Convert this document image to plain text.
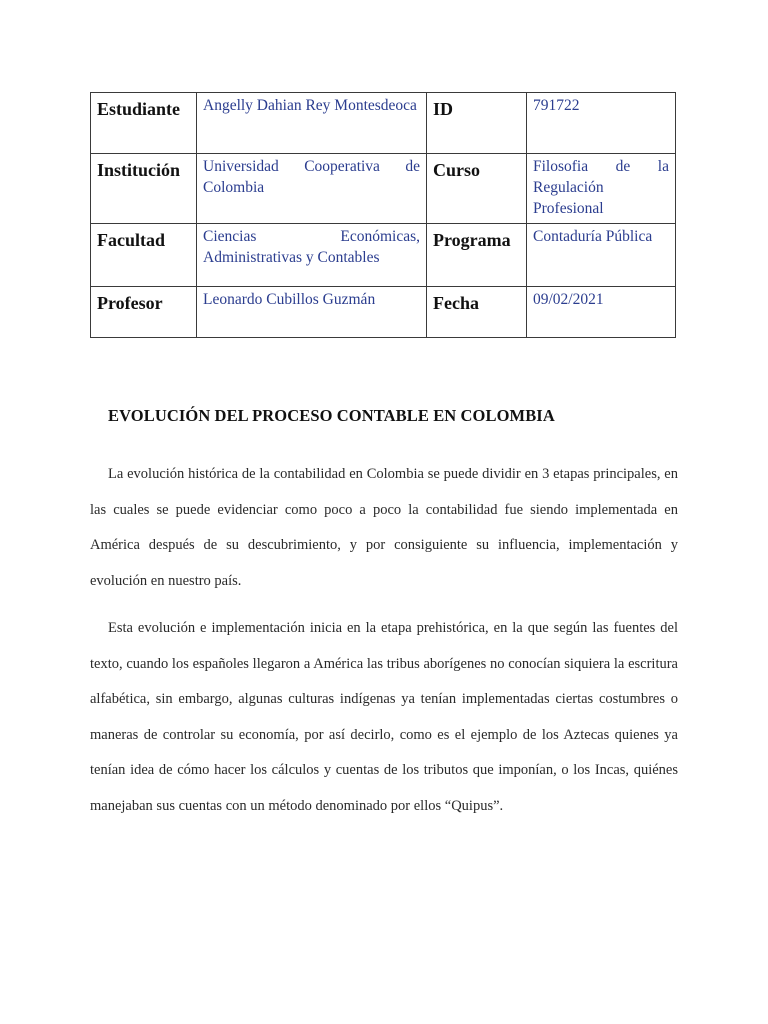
Estudiante	Angelly Dahian Rey Montesdeoca	ID	791722
Institución	Universidad Cooperativa de Colombia	Curso	Filosofia de la Regulación Profesional
Facultad	Ciencias Económicas, Administrativas y Contables	Programa	Contaduría Pública
Profesor	Leonardo Cubillos Guzmán	Fecha	09/02/2021
EVOLUCIÓN DEL PROCESO CONTABLE EN COLOMBIA

La evolución histórica de la contabilidad en Colombia se puede dividir en 3 etapas principales, en las cuales se puede evidenciar como poco a poco la contabilidad fue siendo implementada en América después de su descubrimiento, y por consiguiente su influencia, implementación y evolución en nuestro país.

Esta evolución e implementación inicia en la etapa prehistórica, en la que según las fuentes del texto, cuando los españoles llegaron a América las tribus aborígenes no conocían siquiera la escritura alfabética, sin embargo, algunas culturas indígenas ya tenían implementadas ciertas costumbres o maneras de controlar su economía, por así decirlo, como es el ejemplo de los Aztecas quienes ya tenían idea de cómo hacer los cálculos y cuentas de los tributos que imponían, o los Incas, quiénes manejaban sus cuentas con un método denominado por ellos “Quipus”.
